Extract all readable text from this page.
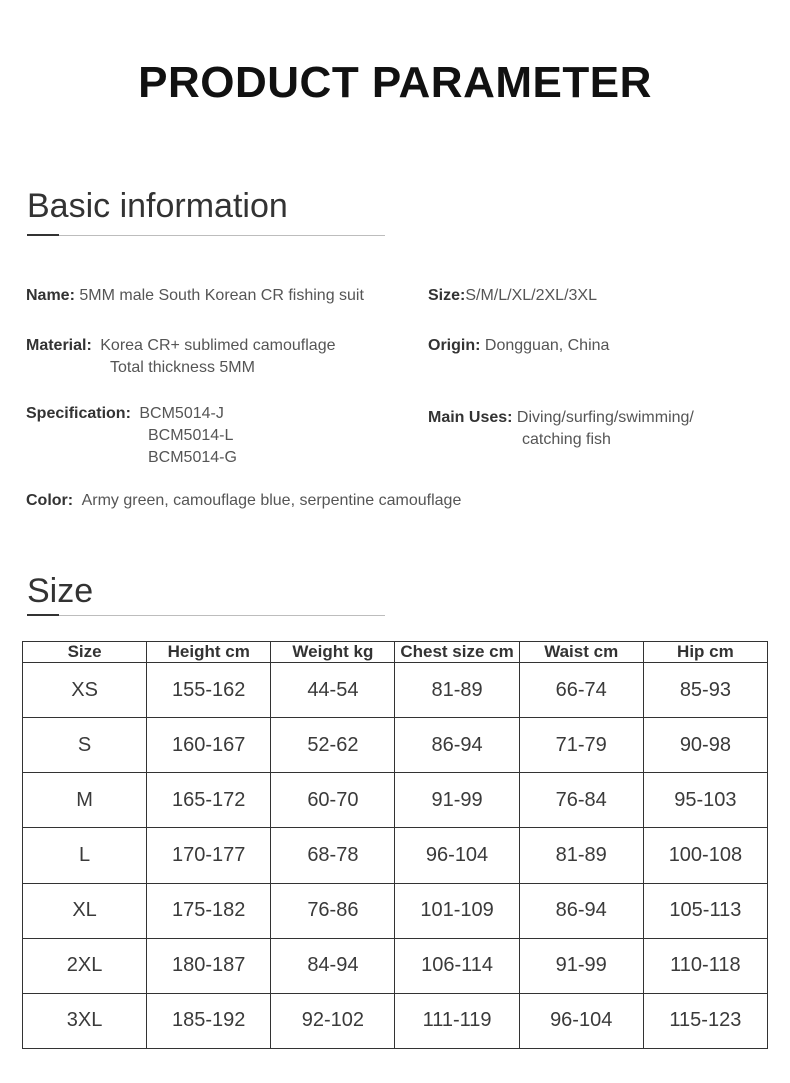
PRODUCT PARAMETER
Basic information
Name: 5MM male South Korean CR fishing suit	Size:S/M/L/XL/2XL/3XL
Material: Korea CR+ sublimed camouflage
Total thickness 5MM
Origin: Dongguan, China
Specification: BCM5014-J
BCM5014-L
BCM5014-G
Main Uses: Diving/surfing/swimming/
catching fish
Color: Army green, camouflage blue, serpentine camouflage
Size
Size	Height cm	Weight kg	Chest size cm	Waist cm	Hip cm
XS	155-162	44-54	81-89	66-74	85-93
S	160-167	52-62	86-94	71-79	90-98
M	165-172	60-70	91-99	76-84	95-103
L	170-177	68-78	96-104	81-89	100-108
XL	175-182	76-86	101-109	86-94	105-113
2XL	180-187	84-94	106-114	91-99	110-118
3XL	185-192	92-102	111-119	96-104	115-123
